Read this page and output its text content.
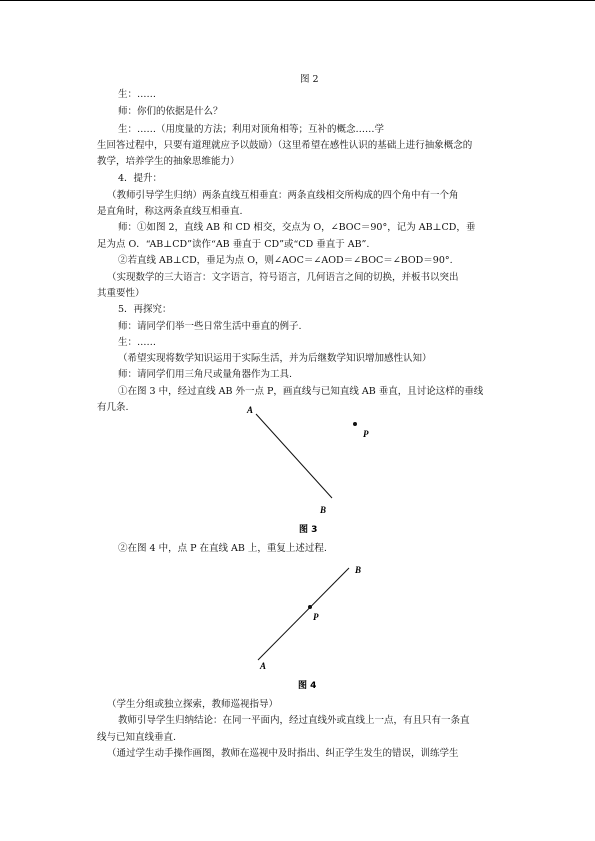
图 2
生：……
师：你们的依据是什么？
生：……（用度量的方法；利用对顶角相等；互补的概念……学
生回答过程中，只要有道理就应予以鼓励）（这里希望在感性认识的基础上进行抽象概念的
教学，培养学生的抽象思维能力）
4．提升：
（教师引导学生归纳）两条直线互相垂直：两条直线相交所构成的四个角中有一个角
是直角时，称这两条直线互相垂直.
师：①如图 2，直线 AB 和 CD 相交，交点为 O，∠BOC＝90°，记为 AB⊥CD，垂
足为点 O．“AB⊥CD”读作“AB 垂直于 CD”或“CD 垂直于 AB”.
②若直线 AB⊥CD，垂足为点 O，则∠AOC＝∠AOD＝∠BOC＝∠BOD＝90°.
（实现数学的三大语言：文字语言，符号语言，几何语言之间的切换，并板书以突出
其重要性）
5．再探究：
师：请同学们举一些日常生活中垂直的例子.
生：……
（希望实现将数学知识运用于实际生活，并为后继数学知识增加感性认知）
师：请同学们用三角尺或量角器作为工具.
①在图 3 中，经过直线 AB 外一点 P，画直线与已知直线 AB 垂直，且讨论这样的垂线
有几条.	A
B
P
图 3
②在图 4 中，点 P 在直线 AB 上，重复上述过程.
A
B
P
图 4
（学生分组或独立探索，教师巡视指导）
教师引导学生归纳结论：在同一平面内，经过直线外或直线上一点，有且只有一条直
线与已知直线垂直.
（通过学生动手操作画图，教师在巡视中及时指出、纠正学生发生的错误，训练学生
